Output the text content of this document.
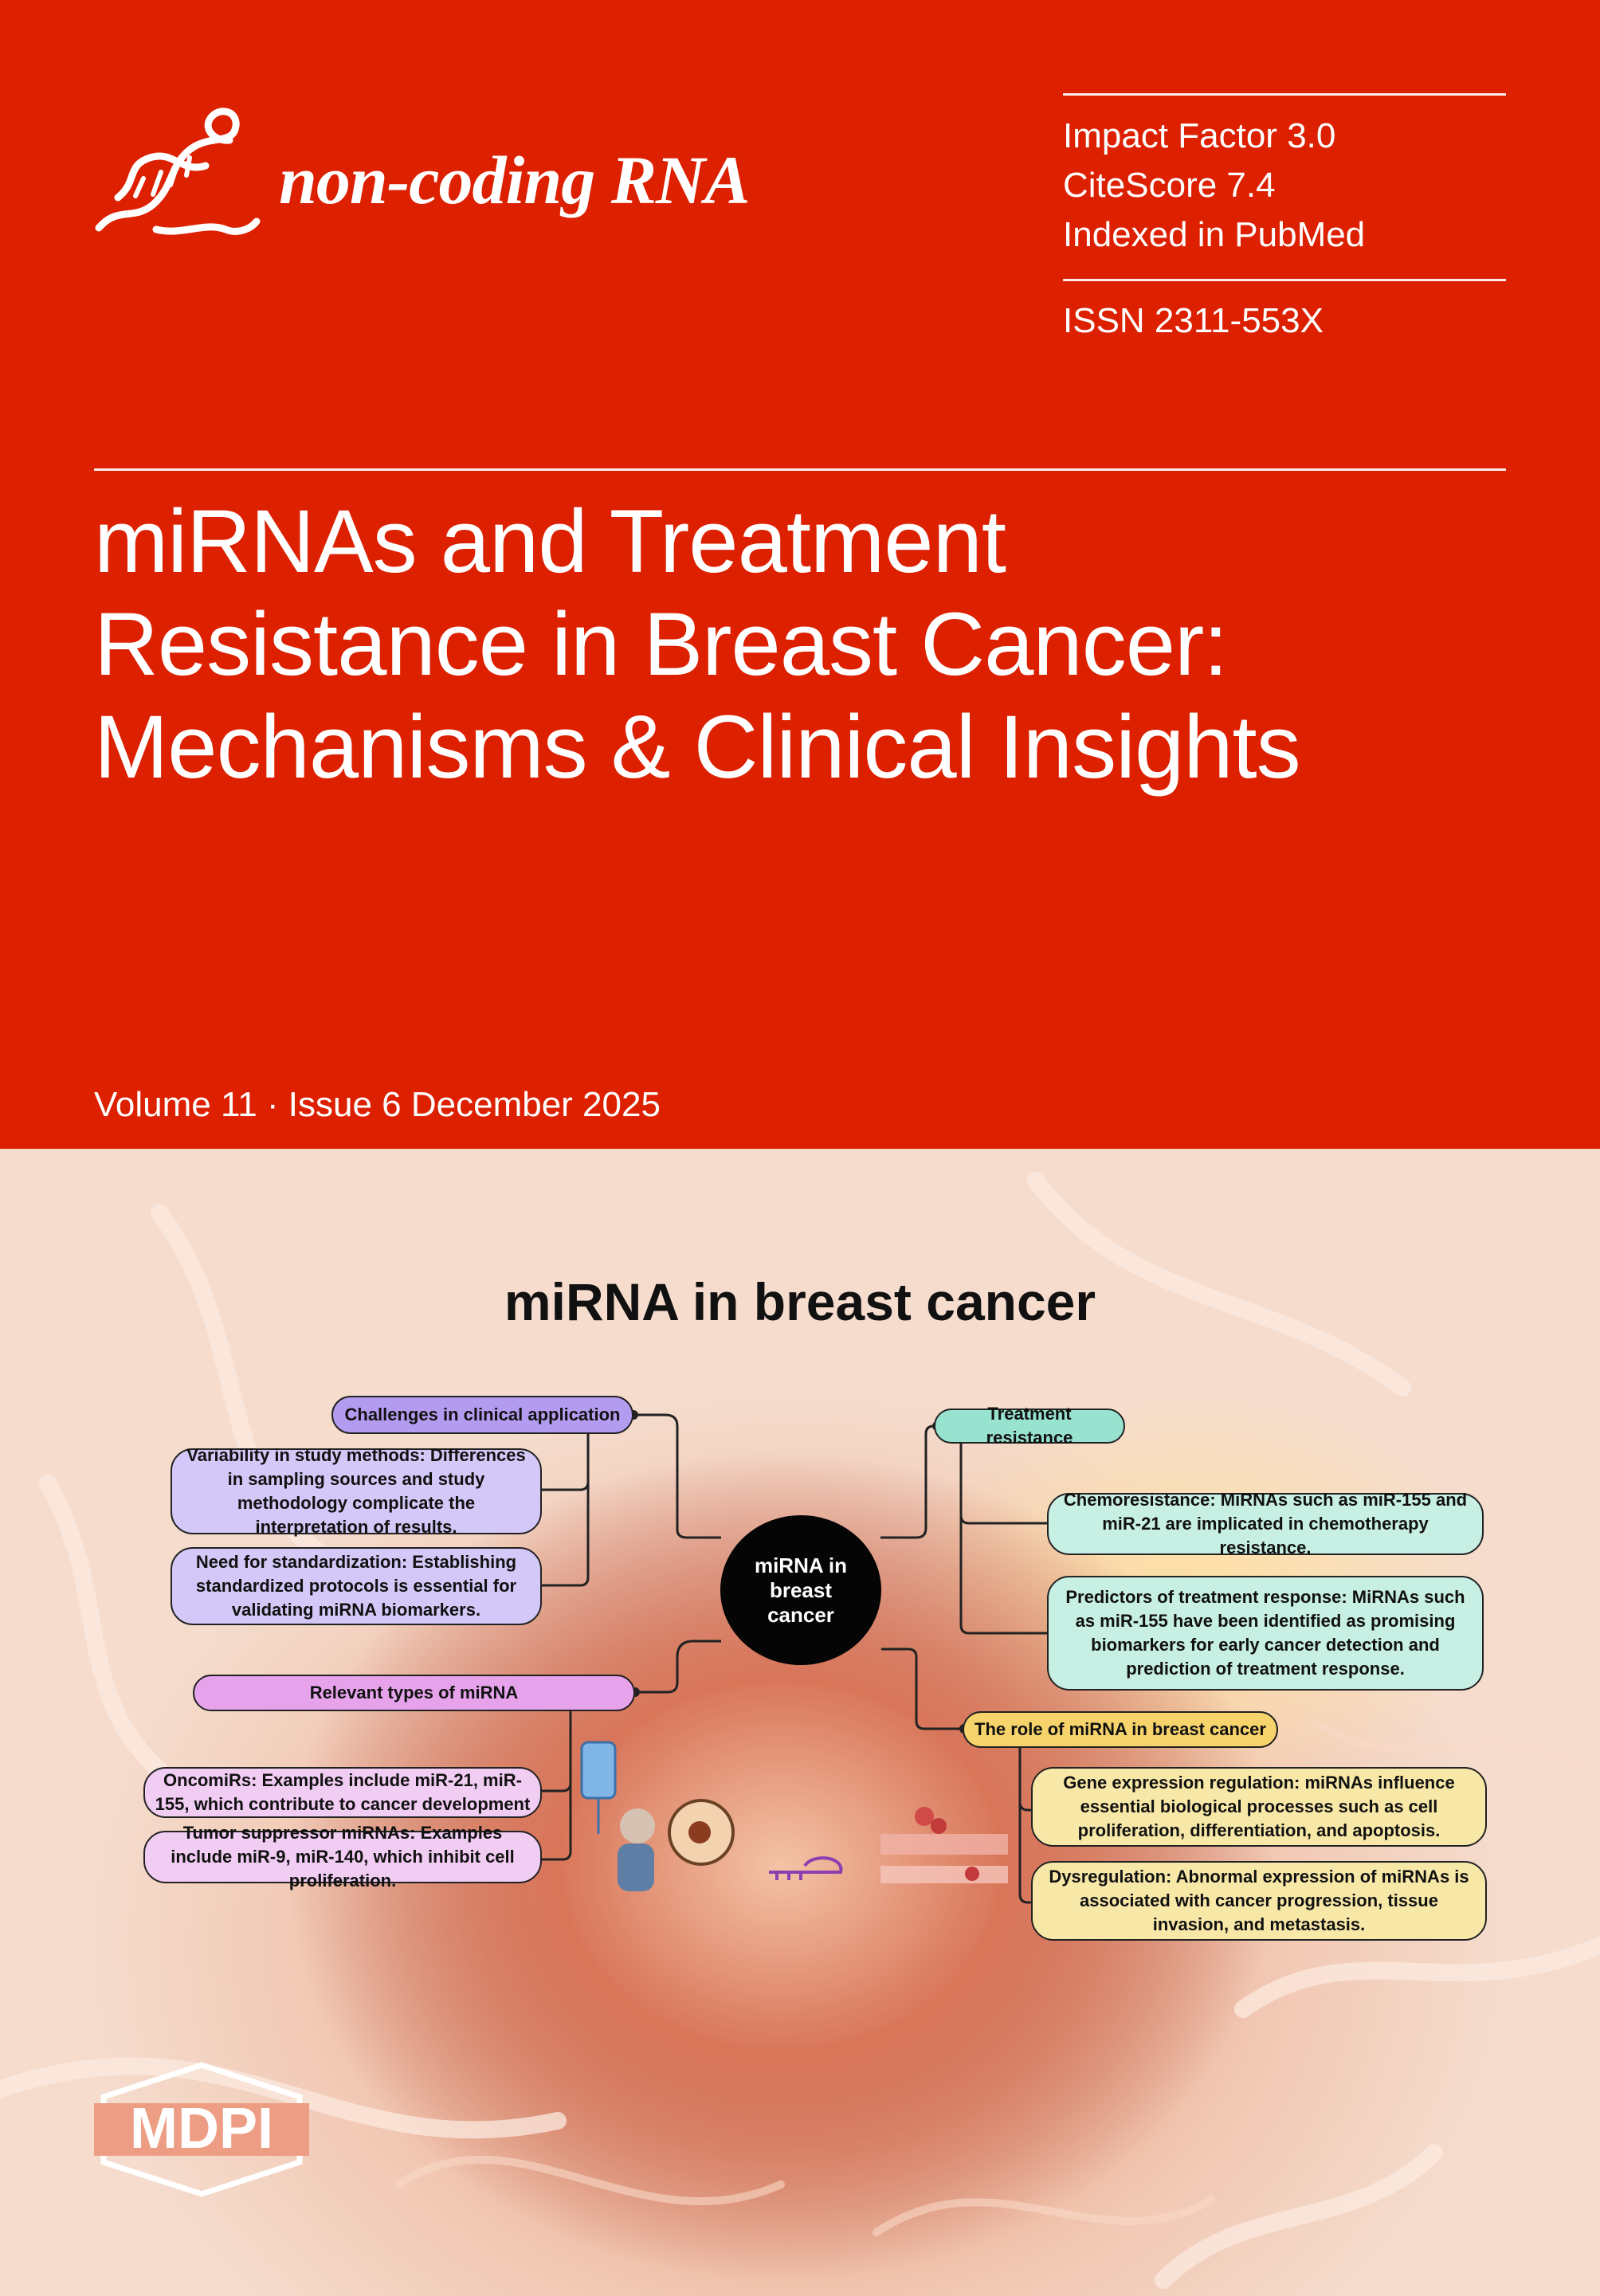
non-coding RNA
Impact Factor 3.0
CiteScore 7.4
Indexed in PubMed
ISSN 2311-553X
miRNAs and Treatment
Resistance in Breast Cancer:
Mechanisms & Clinical Insights
Volume 11 · Issue 6 December 2025
miRNA in breast cancer
Challenges in clinical application
Variability in study methods: Differences in sampling sources and study methodology complicate the interpretation of results.
Need for standardization: Establishing standardized protocols is essential for validating miRNA biomarkers.
Relevant types of miRNA
OncomiRs: Examples include miR-21, miR-155, which contribute to cancer development
Tumor suppressor miRNAs: Examples include miR-9, miR-140, which inhibit cell proliferation.
miRNA in breast cancer
Treatment resistance
Chemoresistance: MiRNAs such as miR-155 and miR-21 are implicated in chemotherapy resistance.
Predictors of treatment response: MiRNAs such as miR-155 have been identified as promising biomarkers for early cancer detection and prediction of treatment response.
The role of miRNA in breast cancer
Gene expression regulation: miRNAs influence essential biological processes such as cell proliferation, differentiation, and apoptosis.
Dysregulation: Abnormal expression of miRNAs is associated with cancer progression, tissue invasion, and metastasis.
MDPI
